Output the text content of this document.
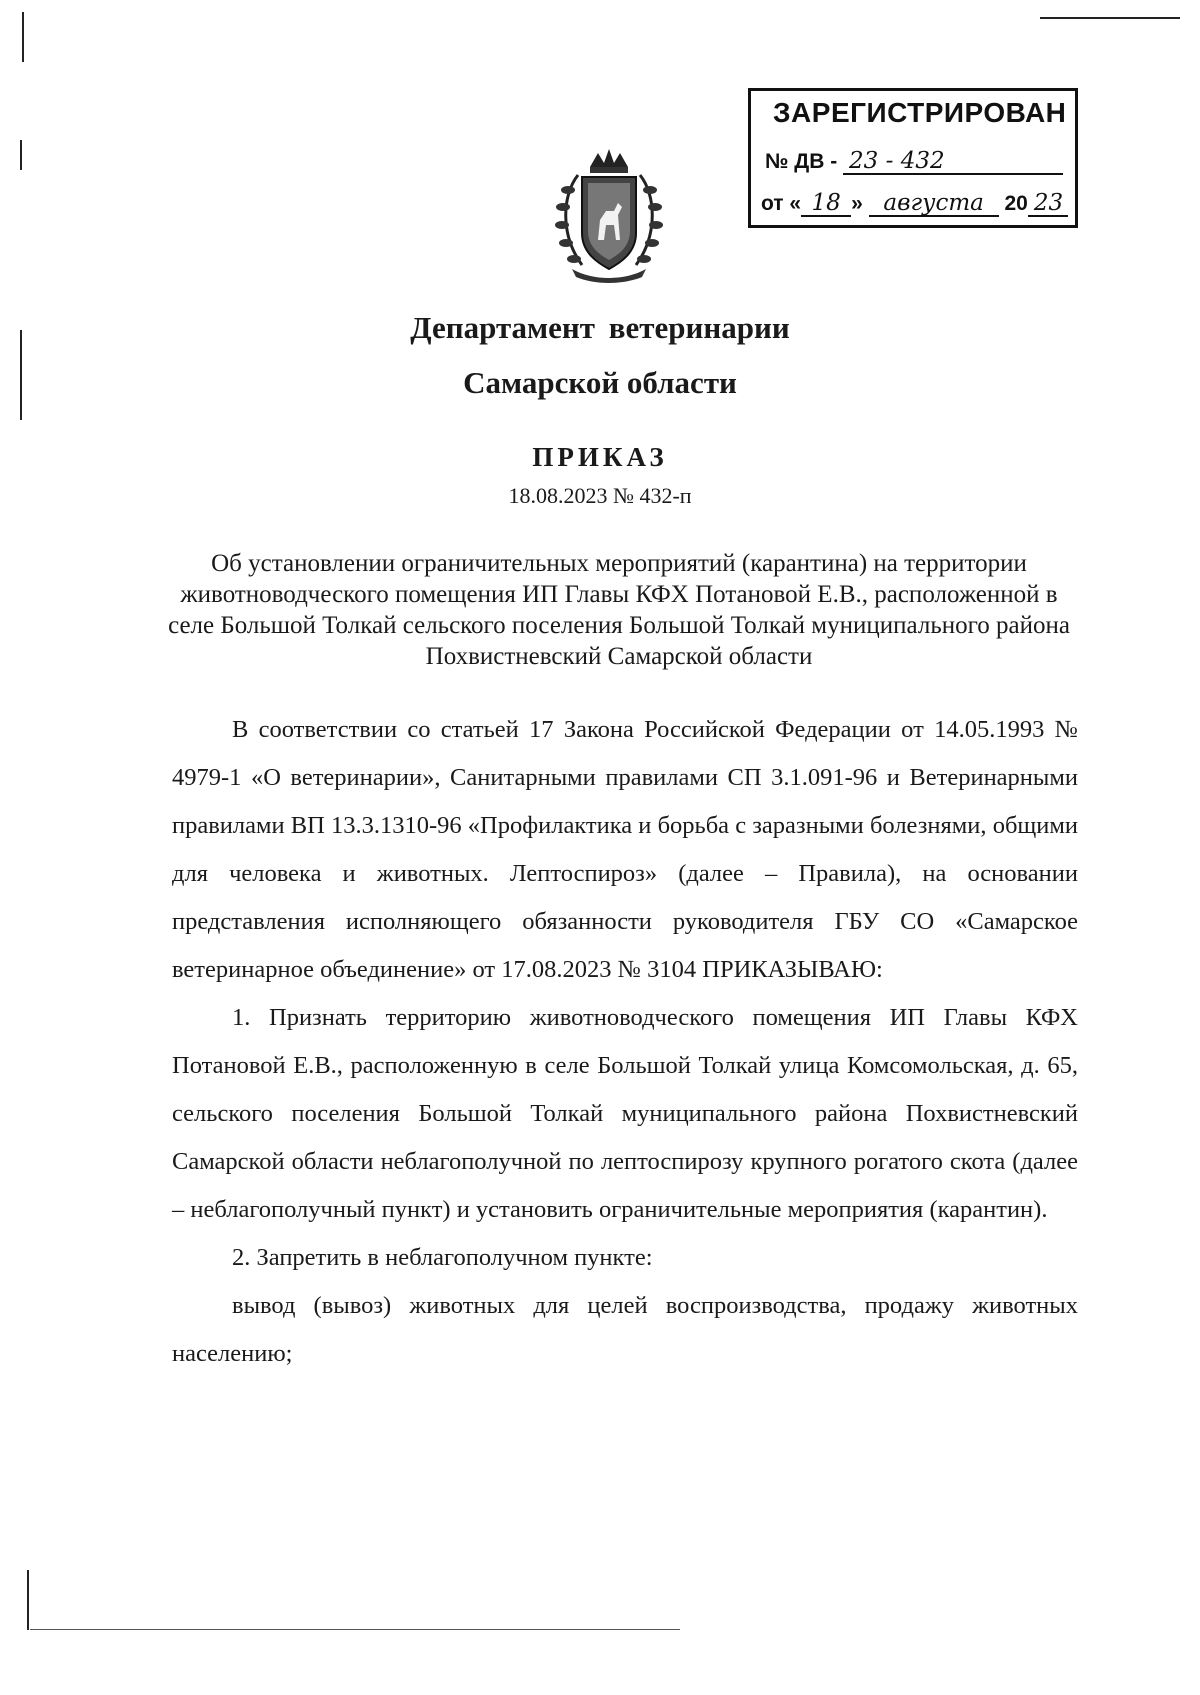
ЗАРЕГИСТРИРОВАН
№ ДВ - 23 - 432
от « 18 » августа 20 23
Департамент ветеринарии
Самарской области
ПРИКАЗ
18.08.2023 № 432-п
Об установлении ограничительных мероприятий (карантина) на территории животноводческого помещения ИП Главы КФХ Потановой Е.В., расположенной в селе Большой Толкай сельского поселения Большой Толкай муниципального района Похвистневский Самарской области

В соответствии со статьей 17 Закона Российской Федерации от 14.05.1993 № 4979-1 «О ветеринарии», Санитарными правилами СП 3.1.091-96 и Ветеринарными правилами ВП 13.3.1310-96 «Профилактика и борьба с заразными болезнями, общими для человека и животных. Лептоспироз» (далее – Правила), на основании представления исполняющего обязанности руководителя ГБУ СО «Самарское ветеринарное объединение» от 17.08.2023 № 3104 ПРИКАЗЫВАЮ:

1. Признать территорию животноводческого помещения ИП Главы КФХ Потановой Е.В., расположенную в селе Большой Толкай улица Комсомольская, д. 65, сельского поселения Большой Толкай муниципального района Похвистневский Самарской области неблагополучной по лептоспирозу крупного рогатого скота (далее – неблагополучный пункт) и установить ограничительные мероприятия (карантин).

2. Запретить в неблагополучном пункте:

вывод (вывоз) животных для целей воспроизводства, продажу животных населению;
